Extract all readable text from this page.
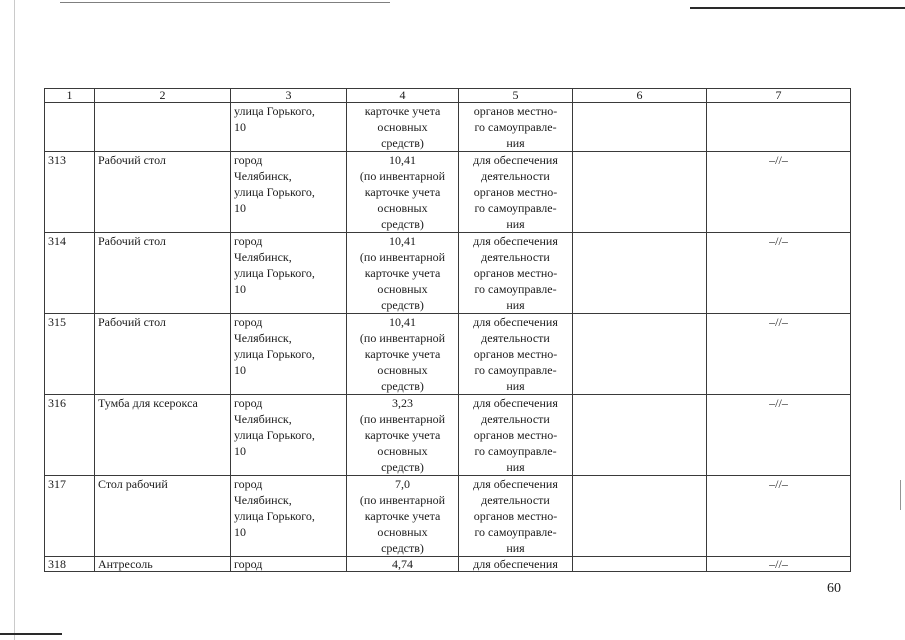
1	2	3	4	5	6	7
		улица Горького,
10	карточке учета
основных
средств)	органов местно-
го самоуправле-
ния		
313	Рабочий стол	город
Челябинск,
улица Горького,
10	10,41
(по инвентарной
карточке учета
основных
средств)	для обеспечения
деятельности
органов местно-
го самоуправле-
ния		–//–
314	Рабочий стол	город
Челябинск,
улица Горького,
10	10,41
(по инвентарной
карточке учета
основных
средств)	для обеспечения
деятельности
органов местно-
го самоуправле-
ния		–//–
315	Рабочий стол	город
Челябинск,
улица Горького,
10	10,41
(по инвентарной
карточке учета
основных
средств)	для обеспечения
деятельности
органов местно-
го самоуправле-
ния		–//–
316	Тумба для ксерокса	город
Челябинск,
улица Горького,
10	3,23
(по инвентарной
карточке учета
основных
средств)	для обеспечения
деятельности
органов местно-
го самоуправле-
ния		–//–
317	Стол рабочий	город
Челябинск,
улица Горького,
10	7,0
(по инвентарной
карточке учета
основных
средств)	для обеспечения
деятельности
органов местно-
го самоуправле-
ния		–//–
318	Антресоль	город	4,74	для обеспечения		–//–
60
